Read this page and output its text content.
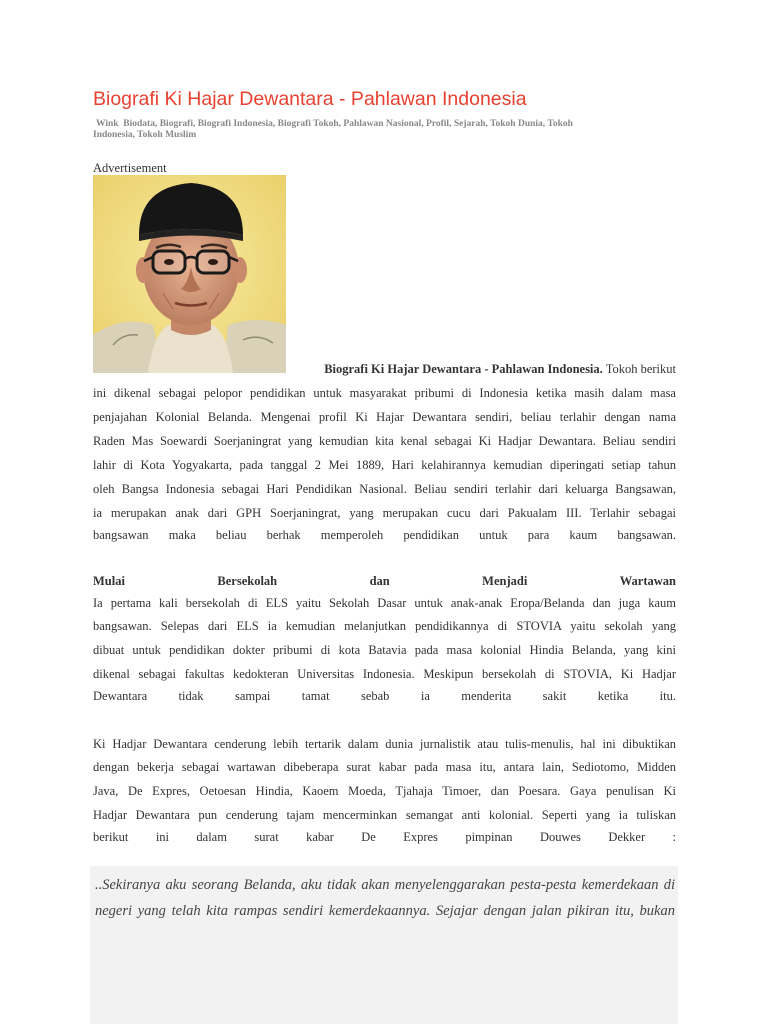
Biografi Ki Hajar Dewantara - Pahlawan Indonesia
Wink Biodata, Biografi, Biografi Indonesia, Biografi Tokoh, Pahlawan Nasional, Profil, Sejarah, Tokoh Dunia, Tokoh
Indonesia, Tokoh Muslim
Advertisement

Biografi Ki Hajar Dewantara - Pahlawan Indonesia. Tokoh berikut

ini dikenal sebagai pelopor pendidikan untuk masyarakat pribumi di Indonesia ketika masih dalam masa

penjajahan Kolonial Belanda. Mengenai profil Ki Hajar Dewantara sendiri, beliau terlahir dengan nama

Raden Mas Soewardi Soerjaningrat yang kemudian kita kenal sebagai Ki Hadjar Dewantara. Beliau sendiri

lahir di Kota Yogyakarta, pada tanggal 2 Mei 1889, Hari kelahirannya kemudian diperingati setiap tahun

oleh Bangsa Indonesia sebagai Hari Pendidikan Nasional. Beliau sendiri terlahir dari keluarga Bangsawan,

ia merupakan anak dari GPH Soerjaningrat, yang merupakan cucu dari Pakualam III. Terlahir sebagai

bangsawan maka beliau berhak memperoleh pendidikan untuk para kaum bangsawan.

Mulai	Bersekolah	dan	Menjadi	Wartawan

Ia pertama kali bersekolah di ELS yaitu Sekolah Dasar untuk anak-anak Eropa/Belanda dan juga kaum

bangsawan. Selepas dari ELS ia kemudian melanjutkan pendidikannya di STOVIA yaitu sekolah yang

dibuat untuk pendidikan dokter pribumi di kota Batavia pada masa kolonial Hindia Belanda, yang kini

dikenal sebagai fakultas kedokteran Universitas Indonesia. Meskipun bersekolah di STOVIA, Ki Hadjar

Dewantara tidak sampai tamat sebab ia menderita sakit ketika itu.

Ki Hadjar Dewantara cenderung lebih tertarik dalam dunia jurnalistik atau tulis-menulis, hal ini dibuktikan

dengan bekerja sebagai wartawan dibeberapa surat kabar pada masa itu, antara lain, Sediotomo, Midden

Java, De Expres, Oetoesan Hindia, Kaoem Moeda, Tjahaja Timoer, dan Poesara. Gaya penulisan Ki

Hadjar Dewantara pun cenderung tajam mencerminkan semangat anti kolonial. Seperti yang ia tuliskan

berikut ini dalam surat kabar De Expres pimpinan Douwes Dekker :

..Sekiranya aku seorang Belanda, aku tidak akan menyelenggarakan pesta-pesta kemerdekaan di

negeri yang telah kita rampas sendiri kemerdekaannya. Sejajar dengan jalan pikiran itu, bukan
